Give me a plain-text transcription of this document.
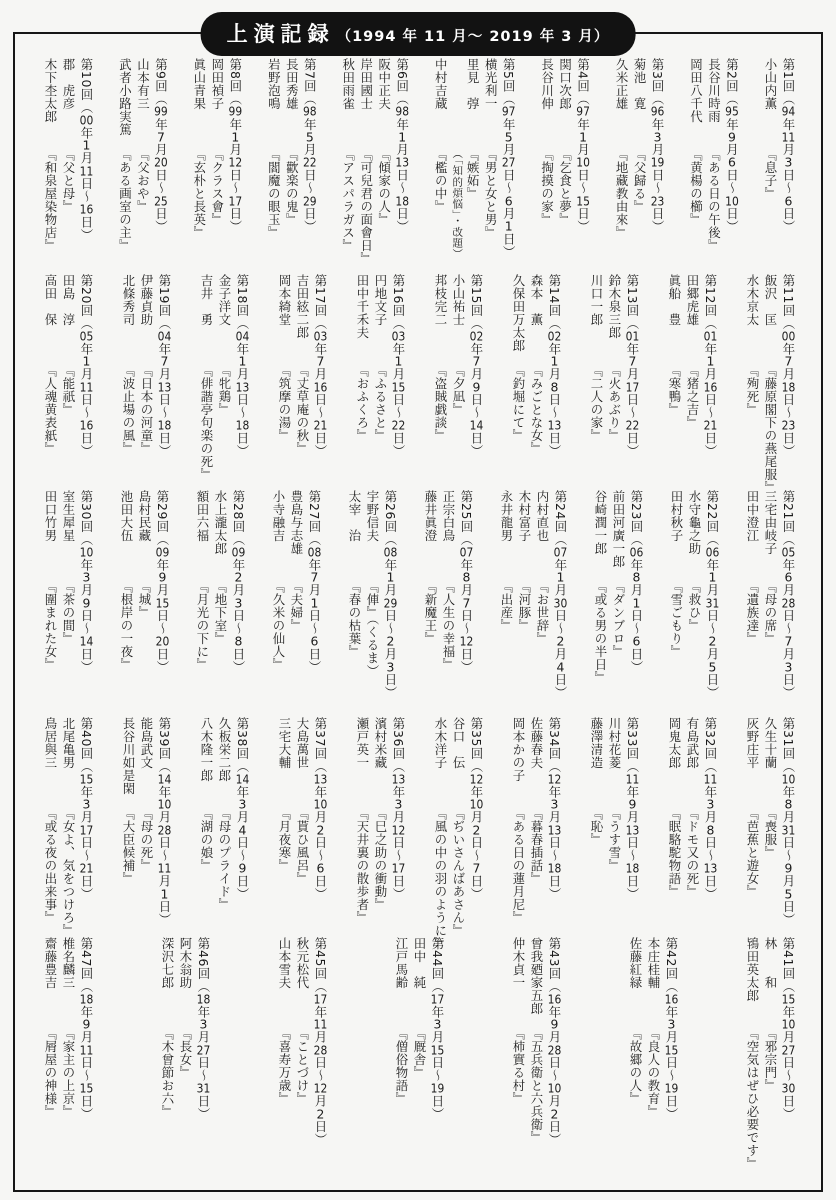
上演記録 （1994 年 11 月～ 2019 年 3 月）
第1回（94年11月3日～6日）
小山内薫『息子』
第2回（95年9月6日～10日）
長谷川時雨『ある日の午後』
岡田八千代『黄楊の櫛』
第3回（96年3月19日～23日）
菊池　寛『父歸る』
久米正雄『地藏教由來』
第4回（97年1月10日～15日）
関口次郎『乞食と夢』
長谷川伸『掏摸の家』
第5回（97年5月27日～6月1日）
横光利一『男と女と男』
里見　弴『嫉妬』
（「知的煩悩」・改題）
中村吉蔵『檻の中』
第6回（98年1月13日～18日）
阪中正夫『傾家の人』
岸田國士『可兒君の面會日』
秋田雨雀『アスパラガス』
第7回（98年5月22日～29日）
長田秀雄『歡楽の鬼』
岩野泡鳴『閻魔の眼玉』
第8回（99年1月12日～17日）
岡田禎子『クラス會』
眞山青果『玄朴と長英』
第9回（99年7月20日～25日）
山本有三『父おや』
武者小路実篤『ある画室の主』
第10回（00年1月11日～16日）
郡　虎彦『父と母』
木下杢太郎『和泉屋染物店』
第11回（00年7月18日～23日）
飯沢　匡『藤原閣下の燕尾服』
水木京太『殉死』
第12回（01年1月16日～21日）
田郷虎雄『猪之吉』
眞船　豊『寒鴨』
第13回（01年7月17日～22日）
鈴木泉三郎『火あぶり』
川口一郎『二人の家』
第14回（02年1月8日～13日）
森本　薫『みごとな女』
久保田万太郎『釣堀にて』
第15回（02年7月9日～14日）
小山祐士『夕凪』
邦枝完二『盗賊戯談』
第16回（03年1月15日～22日）
円地文子『ふるさと』
田中千禾夫『おふくろ』
第17回（03年7月16日～21日）
吉田絃二郎『丈草庵の秋』
岡本綺堂『筑摩の湯』
第18回（04年1月13日～18日）
金子洋文『牝鶏』
吉井　勇『俳諧亭句楽の死』
第19回（04年7月13日～18日）
伊藤貞助『日本の河童』
北條秀司『波止場の風』
第20回（05年1月11日～16日）
田島　淳『能祇』
高田　保『人魂黄表紙』
第21回（05年6月28日～7月3日）
三宅由岐子『母の席』
田中澄江『遺族達』
第22回（06年1月31日～2月5日）
水守龜之助『救ひ』
田村秋子『雪ごもり』
第23回（06年8月1日～6日）
前田河廣一郎『ダンブロ』
谷崎潤一郎『或る男の半日』
第24回（07年1月30日～2月4日）
内村直也『お世辞』
木村富子『河豚』
永井龍男『出産』
第25回（07年8月7日～12日）
正宗白鳥『人生の幸福』
藤井眞澄『新魔王』
第26回（08年1月29日～2月3日）
宇野信夫『俥』（くるま）
太宰　治『春の枯葉』
第27回（08年7月1日～6日）
豊島与志雄『夫婦』
小寺融吉『久米の仙人』
第28回（09年2月3日～8日）
水上瀧太郎『地下室』
額田六福『月光の下に』
第29回（09年9月15日～20日）
島村民藏『城』
池田大伍『根岸の一夜』
第30回（10年3月9日～14日）
室生犀星『茶の間』
田口竹男『圍まれた女』
第31回（10年8月31日～9月5日）
久生十蘭『喪服』
灰野庄平『芭蕉と遊女』
第32回（11年3月8日～13日）
有島武郎『ドモ又の死』
岡鬼太郎『眠駱駝物語』
第33回（11年9月13日～18日）
川村花菱『うす雪』
藤澤清造『恥』
第34回（12年3月13日～18日）
佐藤春夫『暮春插話』
岡本かの子『ある日の蓮月尼』
第35回（12年10月2日～7日）
谷口　伝『ぢいさんばあさん』
水木洋子『風の中の羽のように』
第36回（13年3月12日～17日）
濱村米藏『巳之助の衝動』
瀬戸英一『天井裏の散歩者』
第37回（13年10月2日～6日）
大島萬世『貰ひ風呂』
三宅大輔『月夜寒』
第38回（14年3月4日～9日）
久板栄二郎『母のプライド』
八木隆一郎『湖の娘』
第39回（14年10月28日～11月1日）
能島武文『母の死』
長谷川如是閑『大臣候補』
第40回（15年3月17日～21日）
北尾亀男『女よ、気をつけろ』
鳥居與三『或る夜の出来事』
第41回（15年10月27日～30日）
林　　和『邪宗門』
鴇田英太郎『空気はぜひ必要です』
第42回（16年3月15日～19日）
本庄桂輔『良人の教育』
佐藤紅緑『故郷の人』
第43回（16年9月28日～10月2日）
曾我廼家五郎『五兵衛と六兵衛』
仲木貞一『柿實る村』
第44回（17年3月15日～19日）
田中　純『厩舎』
江戸馬齢『僧俗物語』
第45回（17年11月28日～12月2日）
秋元松代『ことづけ』
山本雪夫『喜寿万歳』
第46回（18年3月27日～31日）
阿木翁助『長女』
深沢七郎『木曾節お六』
第47回（18年9月11日～15日）
椎名麟三『家主の上京』
齋藤豊吉『屑屋の神様』
